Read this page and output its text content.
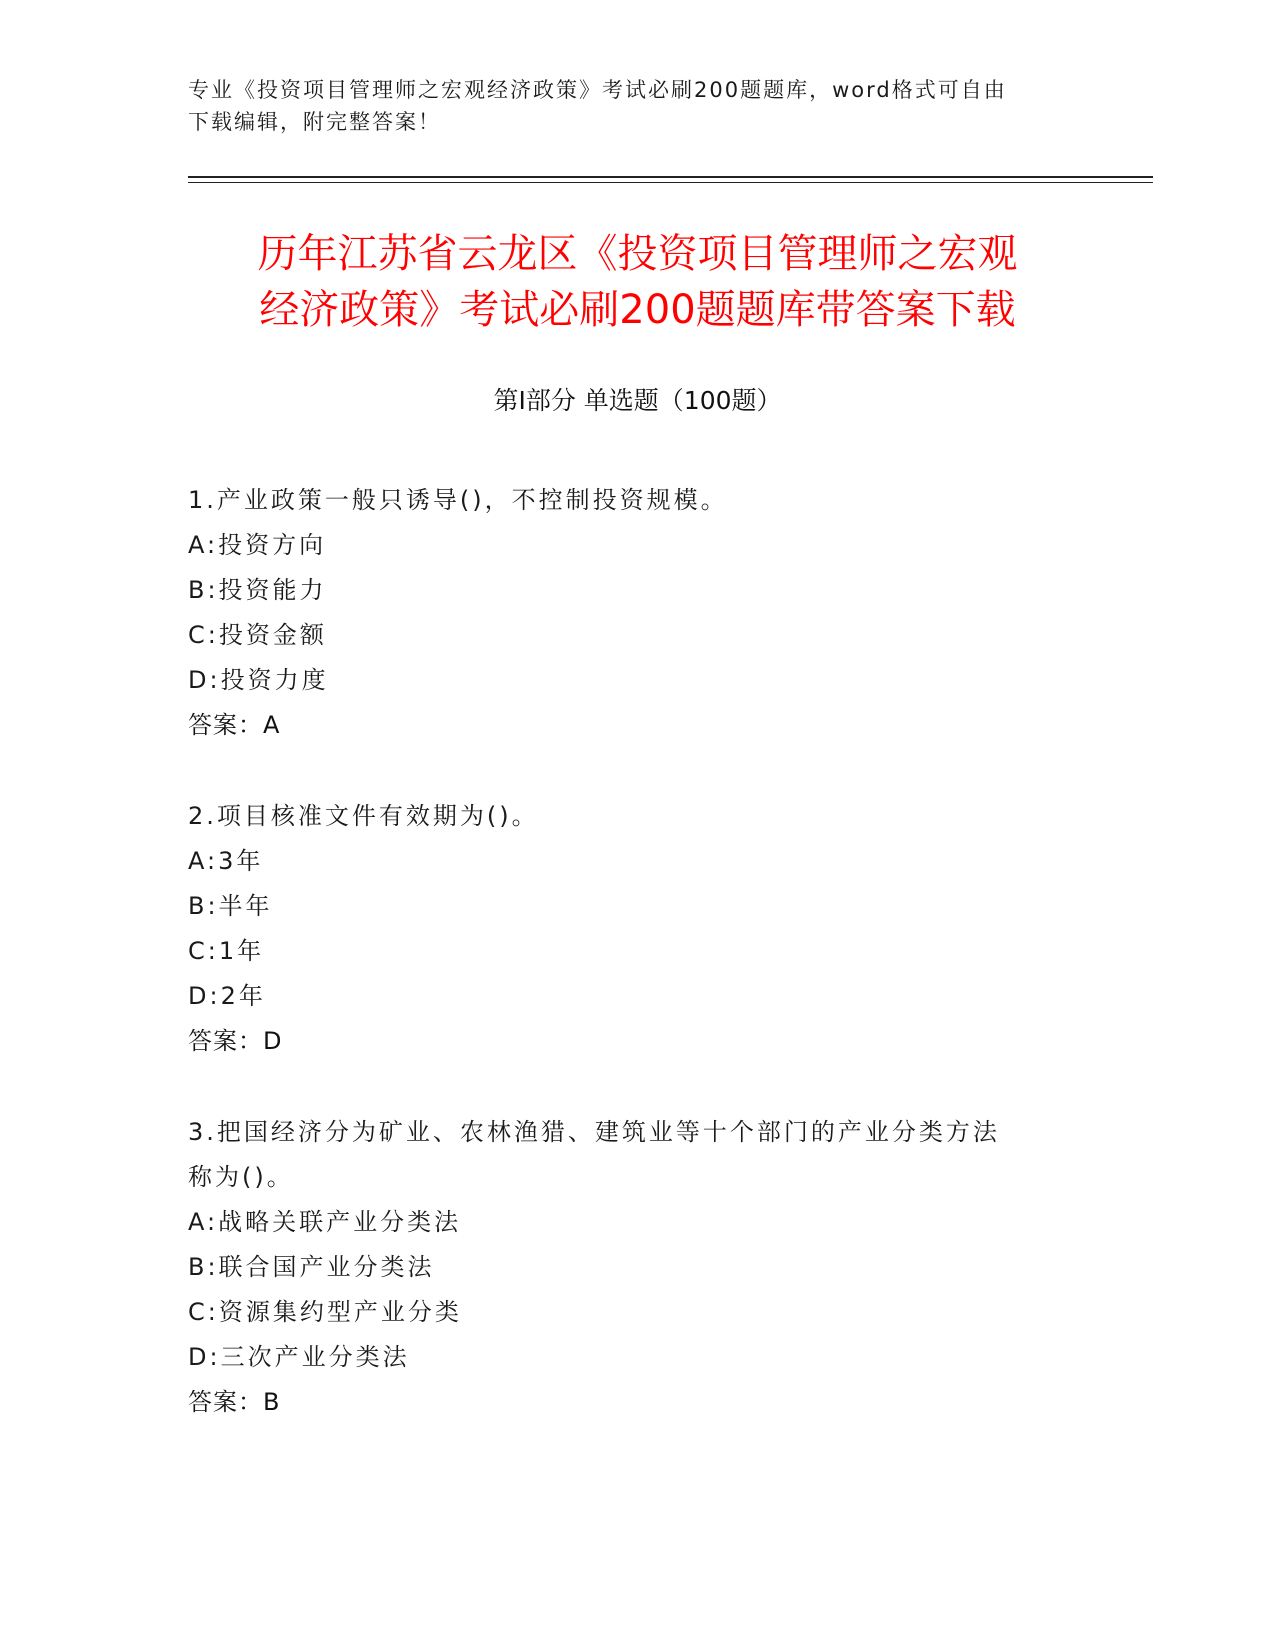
专业《投资项目管理师之宏观经济政策》考试必刷200题题库，word格式可自由
下载编辑，附完整答案！
历年江苏省云龙区《投资项目管理师之宏观
经济政策》考试必刷200题题库带答案下载
第Ⅰ部分 单选题（100题）
1.产业政策一般只诱导()，不控制投资规模。
A:投资方向
B:投资能力
C:投资金额
D:投资力度
答案：A
2.项目核准文件有效期为()。
A:3年
B:半年
C:1年
D:2年
答案：D
3.把国经济分为矿业、农林渔猎、建筑业等十个部门的产业分类方法
称为()。
A:战略关联产业分类法
B:联合国产业分类法
C:资源集约型产业分类
D:三次产业分类法
答案：B
